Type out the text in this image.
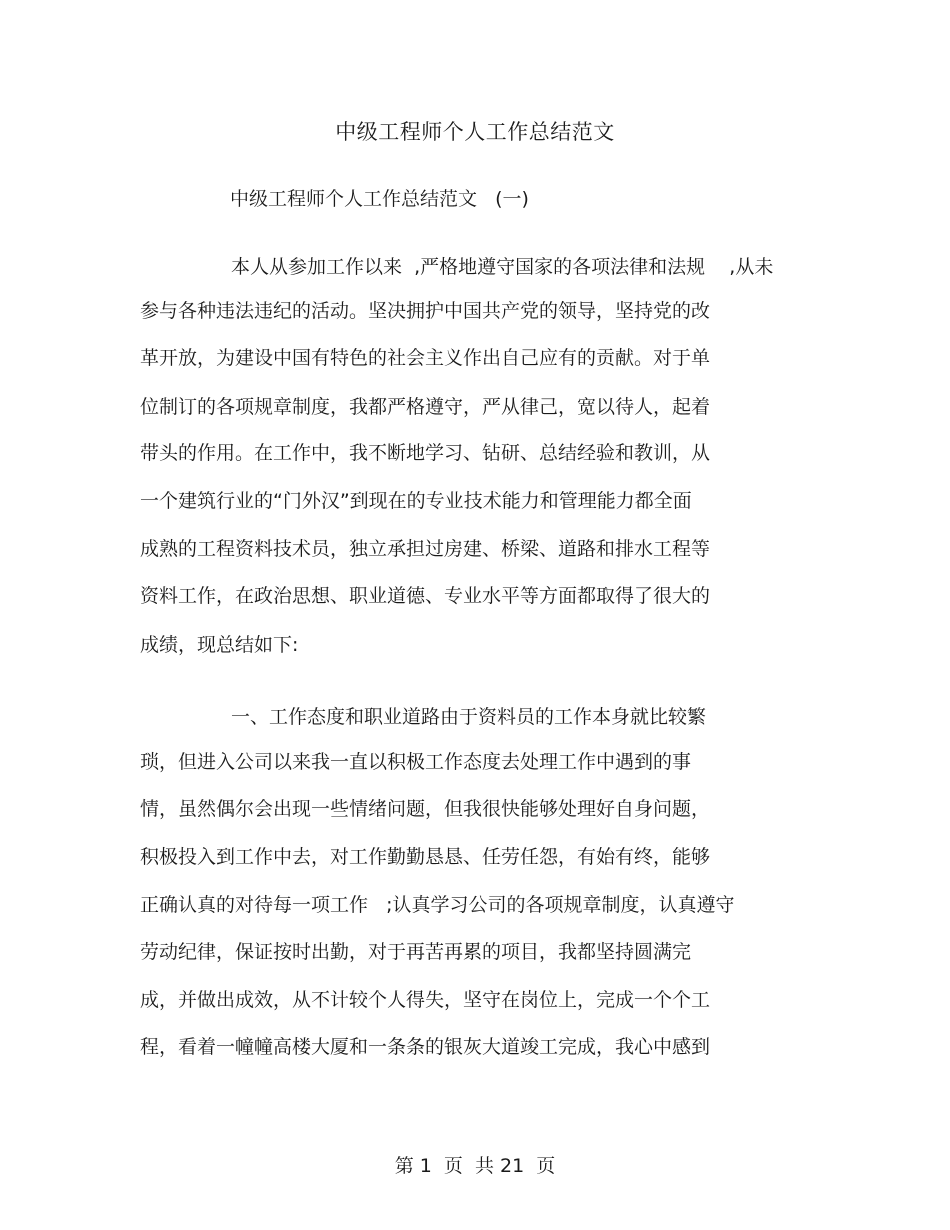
中级工程师个人工作总结范文
中级工程师个人工作总结范文   (一)
本人从参加工作以来  ,严格地遵守国家的各项法律和法规    ,从未
参与各种违法违纪的活动。坚决拥护中国共产党的领导，坚持党的改
革开放，为建设中国有特色的社会主义作出自己应有的贡献。对于单
位制订的各项规章制度，我都严格遵守，严从律己，宽以待人，起着
带头的作用。在工作中，我不断地学习、钻研、总结经验和教训，从
一个建筑行业的“门外汉”到现在的专业技术能力和管理能力都全面
成熟的工程资料技术员，独立承担过房建、桥梁、道路和排水工程等
资料工作，在政治思想、职业道德、专业水平等方面都取得了很大的
成绩，现总结如下:
一、工作态度和职业道路由于资料员的工作本身就比较繁
琐，但进入公司以来我一直以积极工作态度去处理工作中遇到的事
情，虽然偶尔会出现一些情绪问题，但我很快能够处理好自身问题，
积极投入到工作中去，对工作勤勤恳恳、任劳任怨，有始有终，能够
正确认真的对待每一项工作   ;认真学习公司的各项规章制度，认真遵守
劳动纪律，保证按时出勤，对于再苦再累的项目，我都坚持圆满完
成，并做出成效，从不计较个人得失，坚守在岗位上，完成一个个工
程，看着一幢幢高楼大厦和一条条的银灰大道竣工完成，我心中感到
第 1  页  共 21  页
